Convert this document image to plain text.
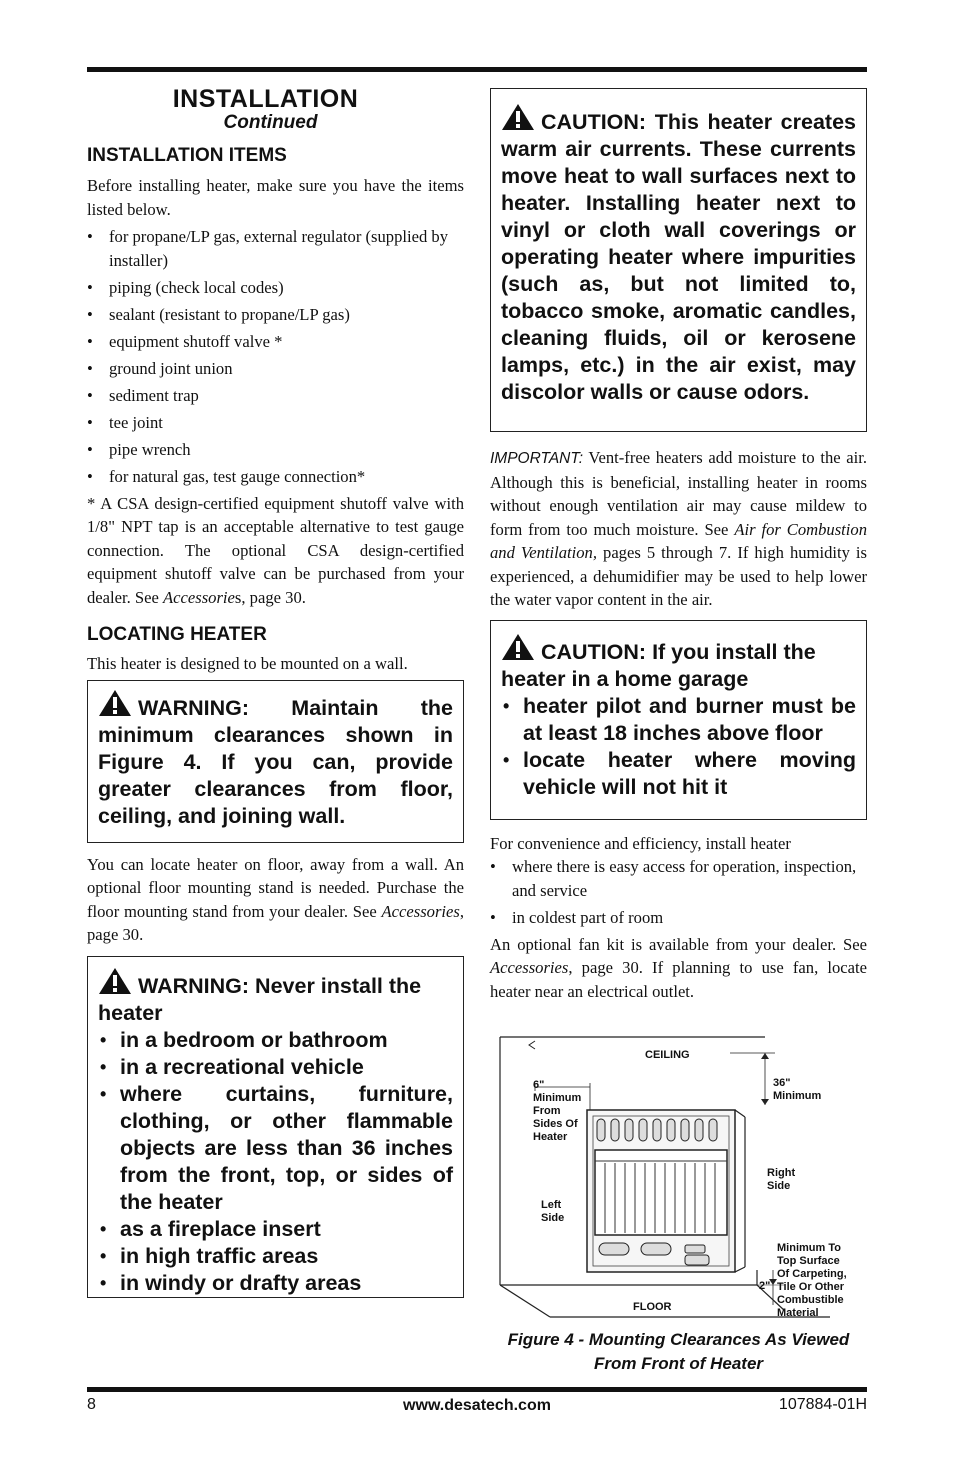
INSTALLATION
Continued
INSTALLATION ITEMS

Before installing heater, make sure you have the items listed below.

• for propane/LP gas, external regulator (supplied by installer)
• piping (check local codes)
• sealant (resistant to propane/LP gas)
• equipment shutoff valve *
• ground joint union
• sediment trap
• tee joint
• pipe wrench
• for natural gas, test gauge connection*

* A CSA design-certified equipment shutoff valve with 1/8" NPT tap is an acceptable alternative to test gauge connection. The optional CSA design-certified equipment shutoff valve can be purchased from your dealer. See Accessories, page 30.

LOCATING HEATER

This heater is designed to be mounted on a wall.

WARNING: Maintain the minimum clearances shown in Figure 4. If you can, provide greater clearances from floor, ceiling, and joining wall.

You can locate heater on floor, away from a wall. An optional floor mounting stand is needed. Purchase the floor mounting stand from your dealer. See Accessories, page 30.

WARNING: Never install the heater
• in a bedroom or bathroom
• in a recreational vehicle
• where curtains, furniture, clothing, or other flammable objects are less than 36 inches from the front, top, or sides of the heater
• as a fireplace insert
• in high traffic areas
• in windy or drafty areas
CAUTION: This heater creates warm air currents. These currents move heat to wall surfaces next to heater. Installing heater next to vinyl or cloth wall coverings or operating heater where impurities (such as, but not limited to, tobacco smoke, aromatic candles, cleaning fluids, oil or kerosene lamps, etc.) in the air exist, may discolor walls or cause odors.

IMPORTANT: Vent-free heaters add moisture to the air. Although this is beneficial, installing heater in rooms without enough ventilation air may cause mildew to form from too much moisture. See Air for Combustion and Ventilation, pages 5 through 7. If high humidity is experienced, a dehumidifier may be used to help lower the water vapor content in the air.

CAUTION: If you install the heater in a home garage
• heater pilot and burner must be at least 18 inches above floor
• locate heater where moving vehicle will not hit it

For convenience and efficiency, install heater

• where there is easy access for operation, inspection, and service
• in coldest part of room

An optional fan kit is available from your dealer. See Accessories, page 30. If planning to use fan, locate heater near an electrical outlet.

CEILING
FLOOR
6"
Minimum
From
Sides Of
Heater
36"
Minimum
Right
Side
Left
Side
2"
Minimum To
Top Surface
Of Carpeting,
Tile Or Other
Combustible
Material
Figure 4 - Mounting Clearances As Viewed From Front of Heater
8	www.desatech.com	107884-01H
